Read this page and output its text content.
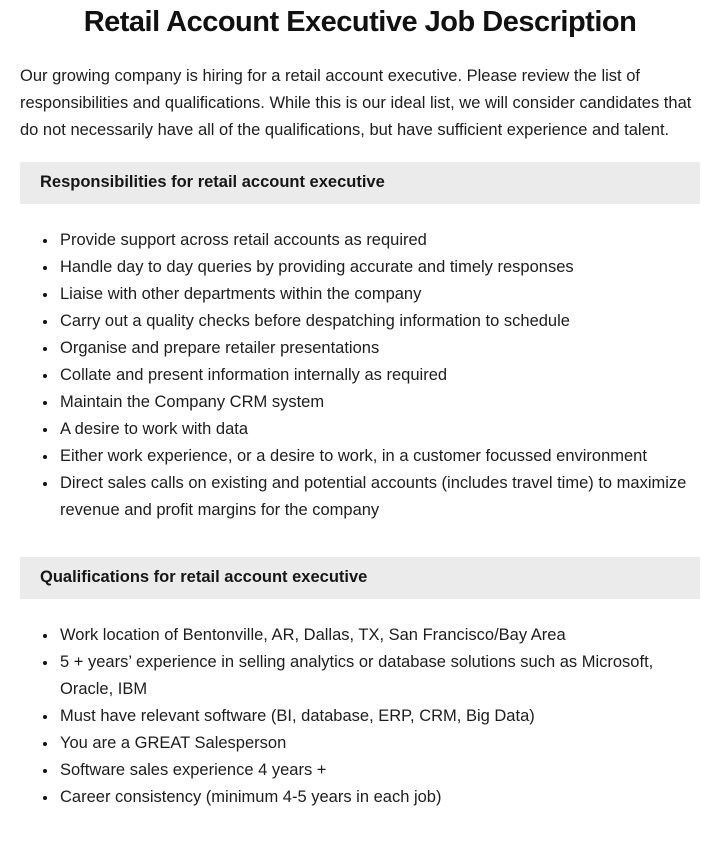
Retail Account Executive Job Description

Our growing company is hiring for a retail account executive. Please review the list of responsibilities and qualifications. While this is our ideal list, we will consider candidates that do not necessarily have all of the qualifications, but have sufficient experience and talent.

Responsibilities for retail account executive
• Provide support across retail accounts as required
• Handle day to day queries by providing accurate and timely responses
• Liaise with other departments within the company
• Carry out a quality checks before despatching information to schedule
• Organise and prepare retailer presentations
• Collate and present information internally as required
• Maintain the Company CRM system
• A desire to work with data
• Either work experience, or a desire to work, in a customer focussed environment
• Direct sales calls on existing and potential accounts (includes travel time) to maximize revenue and profit margins for the company
Qualifications for retail account executive
• Work location of Bentonville, AR, Dallas, TX, San Francisco/Bay Area
• 5 + years’ experience in selling analytics or database solutions such as Microsoft, Oracle, IBM
• Must have relevant software (BI, database, ERP, CRM, Big Data)
• You are a GREAT Salesperson
• Software sales experience 4 years +
• Career consistency (minimum 4-5 years in each job)
